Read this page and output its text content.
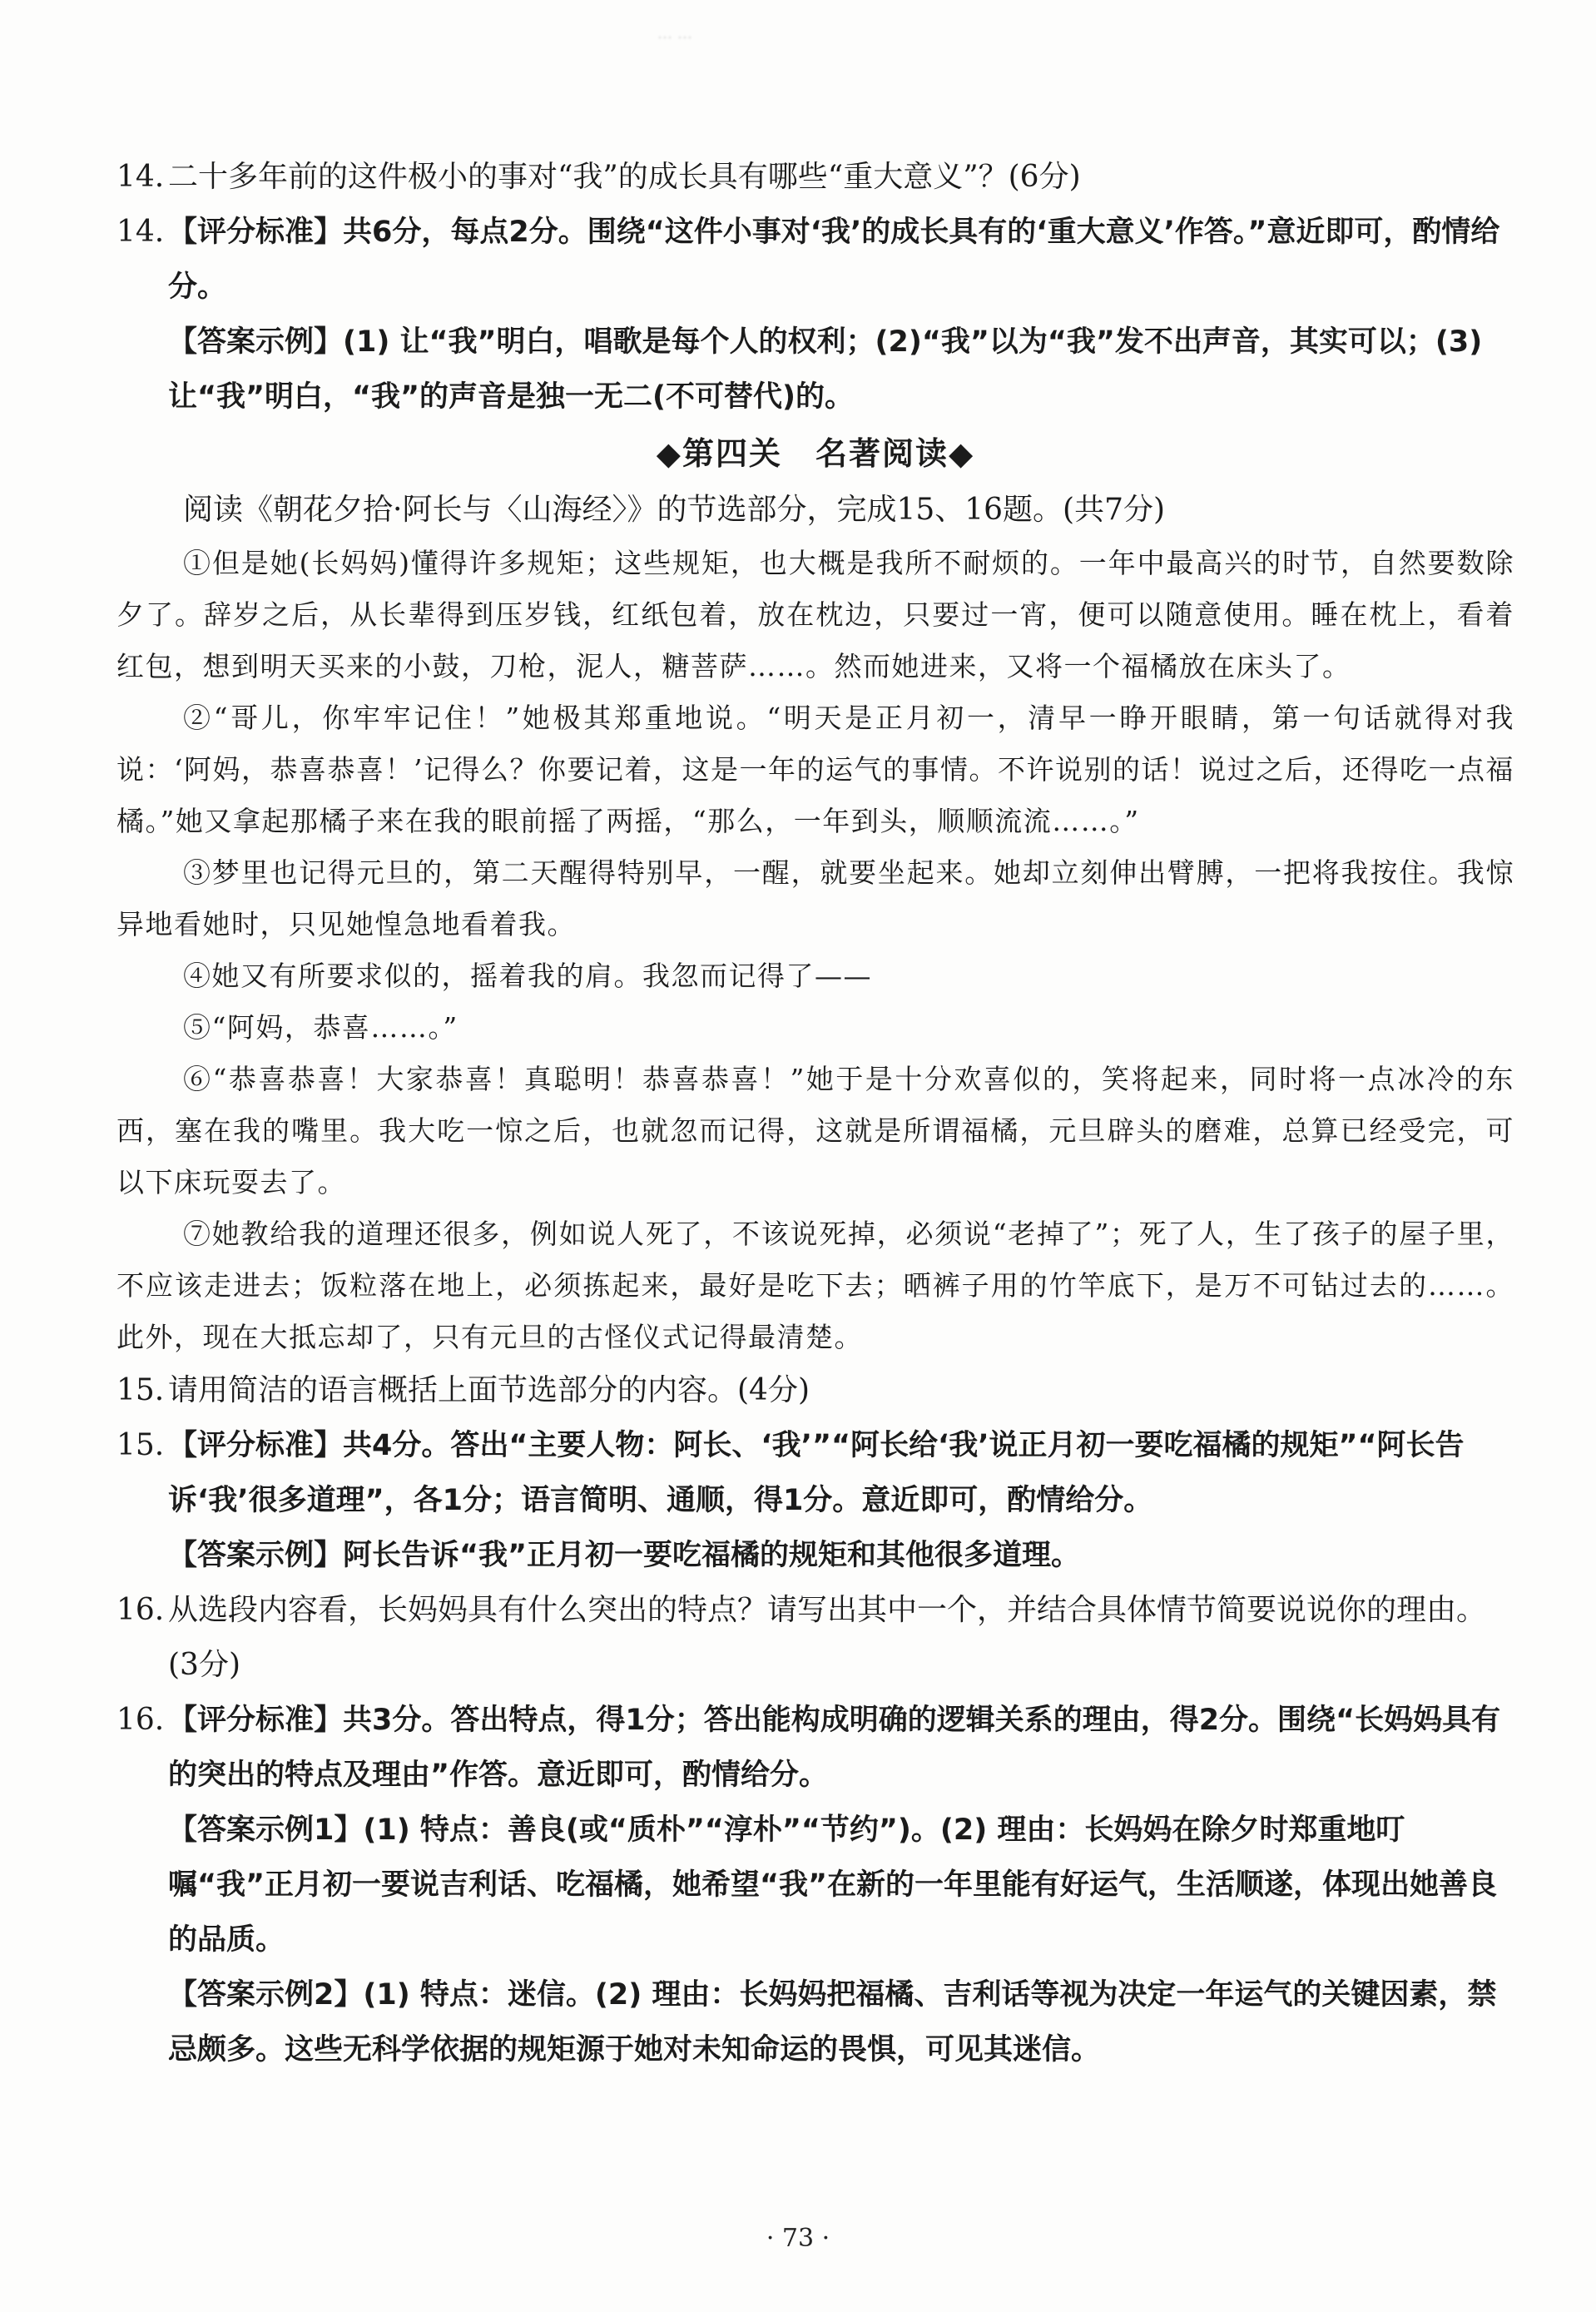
……
14. 二十多年前的这件极小的事对“我”的成长具有哪些“重大意义”？(6分)
14. 【评分标准】共6分，每点2分。围绕“这件小事对‘我’的成长具有的‘重大意义’作答。”意近即可，酌情给分。
【答案示例】(1) 让“我”明白，唱歌是每个人的权利；(2)“我”以为“我”发不出声音，其实可以；(3) 让“我”明白，“我”的声音是独一无二(不可替代)的。
◆第四关　名著阅读◆
阅读《朝花夕拾·阿长与〈山海经〉》的节选部分，完成15、16题。(共7分)

①但是她(长妈妈)懂得许多规矩；这些规矩，也大概是我所不耐烦的。一年中最高兴的时节，自然要数除夕了。辞岁之后，从长辈得到压岁钱，红纸包着，放在枕边，只要过一宵，便可以随意使用。睡在枕上，看着红包，想到明天买来的小鼓，刀枪，泥人，糖菩萨……。然而她进来，又将一个福橘放在床头了。

②“哥儿，你牢牢记住！”她极其郑重地说。“明天是正月初一，清早一睁开眼睛，第一句话就得对我说：‘阿妈，恭喜恭喜！’记得么？你要记着，这是一年的运气的事情。不许说别的话！说过之后，还得吃一点福橘。”她又拿起那橘子来在我的眼前摇了两摇，“那么，一年到头，顺顺流流……。”

③梦里也记得元旦的，第二天醒得特别早，一醒，就要坐起来。她却立刻伸出臂膊，一把将我按住。我惊异地看她时，只见她惶急地看着我。

④她又有所要求似的，摇着我的肩。我忽而记得了——

⑤“阿妈，恭喜……。”

⑥“恭喜恭喜！大家恭喜！真聪明！恭喜恭喜！”她于是十分欢喜似的，笑将起来，同时将一点冰冷的东西，塞在我的嘴里。我大吃一惊之后，也就忽而记得，这就是所谓福橘，元旦辟头的磨难，总算已经受完，可以下床玩耍去了。

⑦她教给我的道理还很多，例如说人死了，不该说死掉，必须说“老掉了”；死了人，生了孩子的屋子里，不应该走进去；饭粒落在地上，必须拣起来，最好是吃下去；晒裤子用的竹竿底下，是万不可钻过去的……。此外，现在大抵忘却了，只有元旦的古怪仪式记得最清楚。

15. 请用简洁的语言概括上面节选部分的内容。(4分)
15. 【评分标准】共4分。答出“主要人物：阿长、‘我’”“阿长给‘我’说正月初一要吃福橘的规矩”“阿长告诉‘我’很多道理”，各1分；语言简明、通顺，得1分。意近即可，酌情给分。
【答案示例】阿长告诉“我”正月初一要吃福橘的规矩和其他很多道理。
16. 从选段内容看，长妈妈具有什么突出的特点？请写出其中一个，并结合具体情节简要说说你的理由。(3分)
16. 【评分标准】共3分。答出特点，得1分；答出能构成明确的逻辑关系的理由，得2分。围绕“长妈妈具有的突出的特点及理由”作答。意近即可，酌情给分。
【答案示例1】(1) 特点：善良(或“质朴”“淳朴”“节约”)。(2) 理由：长妈妈在除夕时郑重地叮嘱“我”正月初一要说吉利话、吃福橘，她希望“我”在新的一年里能有好运气，生活顺遂，体现出她善良的品质。
【答案示例2】(1) 特点：迷信。(2) 理由：长妈妈把福橘、吉利话等视为决定一年运气的关键因素，禁忌颇多。这些无科学依据的规矩源于她对未知命运的畏惧，可见其迷信。
· 73 ·
